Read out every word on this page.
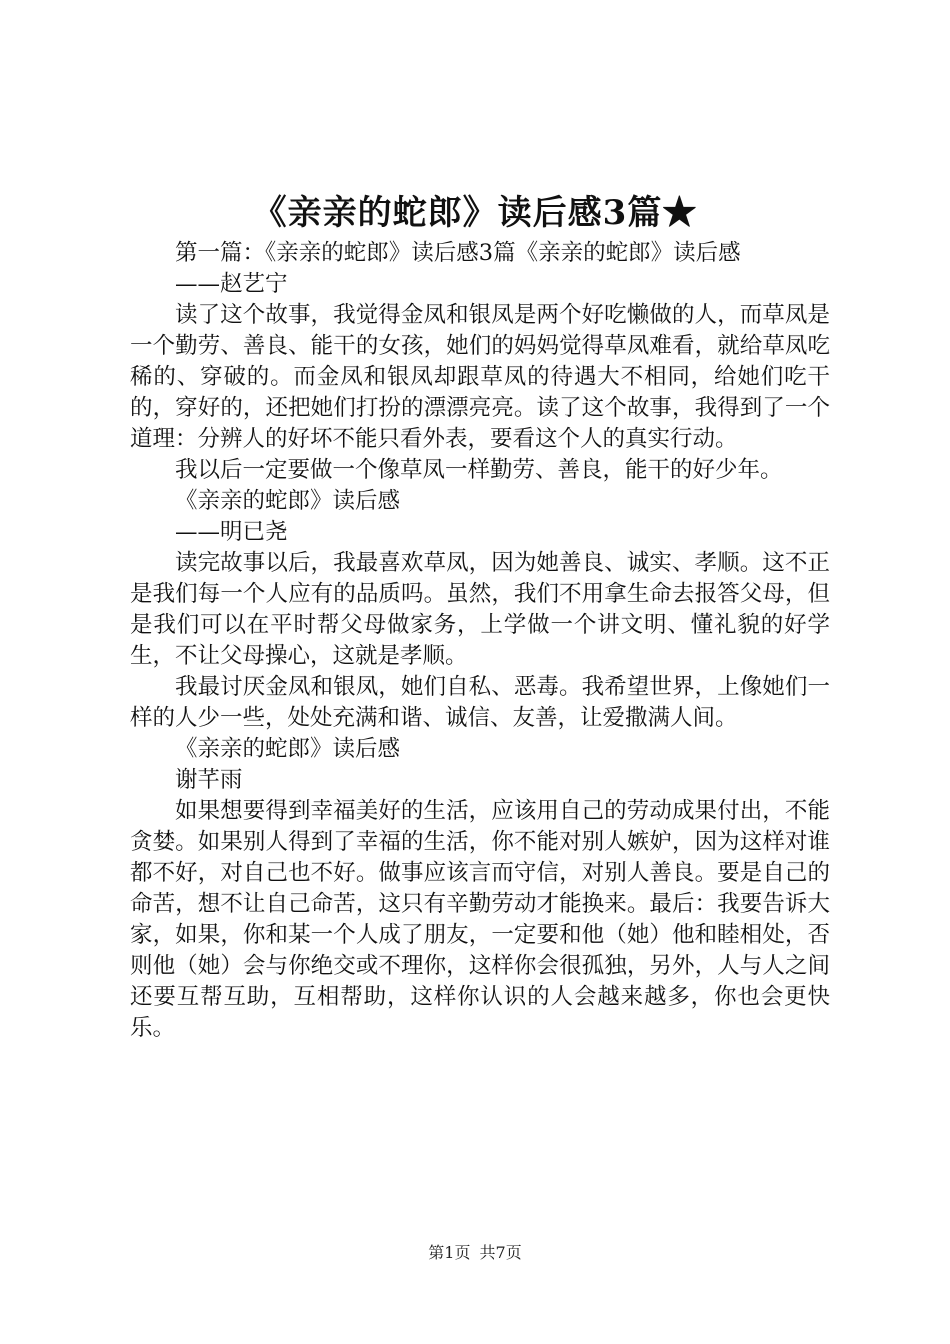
《亲亲的蛇郎》读后感3篇★

第一篇：《亲亲的蛇郎》读后感3篇《亲亲的蛇郎》读后感

——赵艺宁

读了这个故事，我觉得金凤和银凤是两个好吃懒做的人，而草凤是一个勤劳、善良、能干的女孩，她们的妈妈觉得草凤难看，就给草凤吃稀的、穿破的。而金凤和银凤却跟草凤的待遇大不相同，给她们吃干的，穿好的，还把她们打扮的漂漂亮亮。读了这个故事，我得到了一个道理：分辨人的好坏不能只看外表，要看这个人的真实行动。

我以后一定要做一个像草凤一样勤劳、善良，能干的好少年。

《亲亲的蛇郎》读后感

——明已尧

读完故事以后，我最喜欢草凤，因为她善良、诚实、孝顺。这不正是我们每一个人应有的品质吗。虽然，我们不用拿生命去报答父母，但是我们可以在平时帮父母做家务，上学做一个讲文明、懂礼貌的好学生，不让父母操心，这就是孝顺。

我最讨厌金凤和银凤，她们自私、恶毒。我希望世界，上像她们一样的人少一些，处处充满和谐、诚信、友善，让爱撒满人间。

《亲亲的蛇郎》读后感

谢芊雨

如果想要得到幸福美好的生活，应该用自己的劳动成果付出，不能贪婪。如果别人得到了幸福的生活，你不能对别人嫉妒，因为这样对谁都不好，对自己也不好。做事应该言而守信，对别人善良。要是自己的命苦，想不让自己命苦，这只有辛勤劳动才能换来。最后：我要告诉大家，如果，你和某一个人成了朋友，一定要和他（她）他和睦相处，否则他（她）会与你绝交或不理你，这样你会很孤独，另外，人与人之间还要互帮互助，互相帮助，这样你认识的人会越来越多，你也会更快乐。

第1页 共7页
